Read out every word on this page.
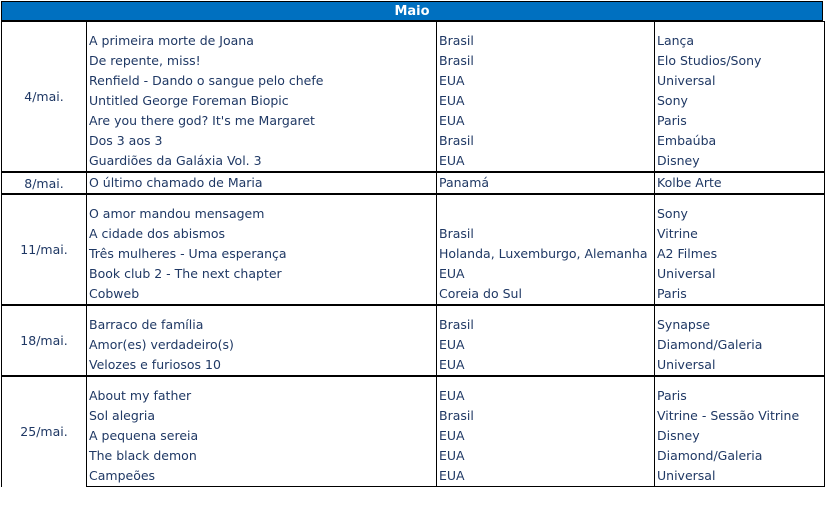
Maio
4/mai.	

	A primeira morte de Joana	Brasil	Lança

	De repente, miss!	Brasil	Elo Studios/Sony

	Renfield - Dando o sangue pelo chefe	EUA	Universal

	Untitled George Foreman Biopic	EUA	Sony

	Are you there god? It's me Margaret	EUA	Paris

	Dos 3 aos 3	Brasil	Embaúba

	Guardiões da Galáxia Vol. 3	EUA	Disney

8/mai.	O último chamado de Maria	Panamá	Kolbe Arte

11/mai.	

	O amor mandou mensagem		Sony

	A cidade dos abismos	Brasil	Vitrine

	Três mulheres - Uma esperança	Holanda, Luxemburgo, Alemanha	A2 Filmes

	Book club 2 - The next chapter	EUA	Universal

	Cobweb	Coreia do Sul	Paris

18/mai.	

	Barraco de família	Brasil	Synapse

	Amor(es) verdadeiro(s)	EUA	Diamond/Galeria

	Velozes e furiosos 10	EUA	Universal

25/mai.	

	About my father	EUA	Paris

	Sol alegria	Brasil	Vitrine - Sessão Vitrine

	A pequena sereia	EUA	Disney

	The black demon	EUA	Diamond/Galeria

	Campeões	EUA	Universal
